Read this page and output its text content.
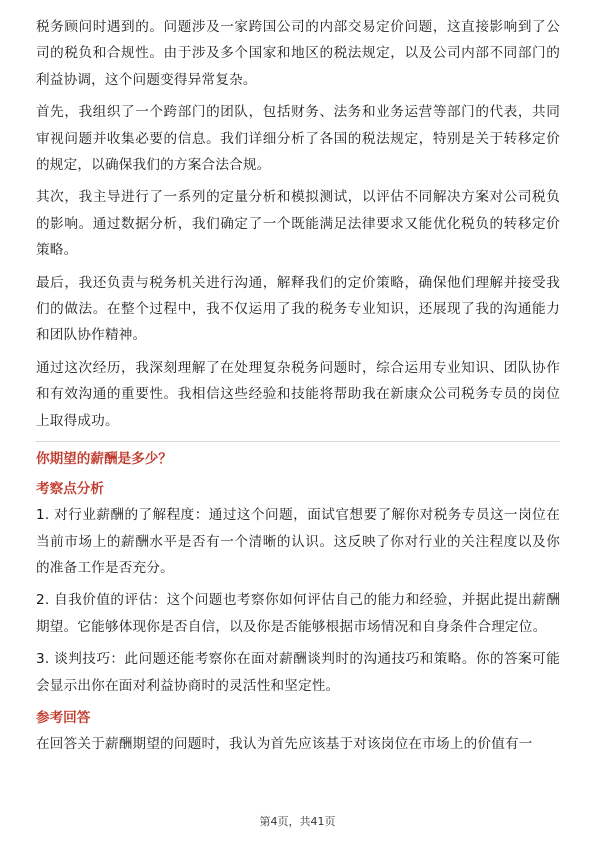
税务顾问时遇到的。问题涉及一家跨国公司的内部交易定价问题，这直接影响到了公司的税负和合规性。由于涉及多个国家和地区的税法规定，以及公司内部不同部门的利益协调，这个问题变得异常复杂。

首先，我组织了一个跨部门的团队，包括财务、法务和业务运营等部门的代表，共同审视问题并收集必要的信息。我们详细分析了各国的税法规定，特别是关于转移定价的规定，以确保我们的方案合法合规。

其次，我主导进行了一系列的定量分析和模拟测试，以评估不同解决方案对公司税负的影响。通过数据分析，我们确定了一个既能满足法律要求又能优化税负的转移定价策略。

最后，我还负责与税务机关进行沟通，解释我们的定价策略，确保他们理解并接受我们的做法。在整个过程中，我不仅运用了我的税务专业知识，还展现了我的沟通能力和团队协作精神。

通过这次经历，我深刻理解了在处理复杂税务问题时，综合运用专业知识、团队协作和有效沟通的重要性。我相信这些经验和技能将帮助我在新康众公司税务专员的岗位上取得成功。

你期望的薪酬是多少？
考察点分析

1. 对行业薪酬的了解程度：通过这个问题，面试官想要了解你对税务专员这一岗位在当前市场上的薪酬水平是否有一个清晰的认识。这反映了你对行业的关注程度以及你的准备工作是否充分。

2. 自我价值的评估：这个问题也考察你如何评估自己的能力和经验，并据此提出薪酬期望。它能够体现你是否自信，以及你是否能够根据市场情况和自身条件合理定位。

3. 谈判技巧：此问题还能考察你在面对薪酬谈判时的沟通技巧和策略。你的答案可能会显示出你在面对利益协商时的灵活性和坚定性。

参考回答

在回答关于薪酬期望的问题时，我认为首先应该基于对该岗位在市场上的价值有一

第4页，共41页
